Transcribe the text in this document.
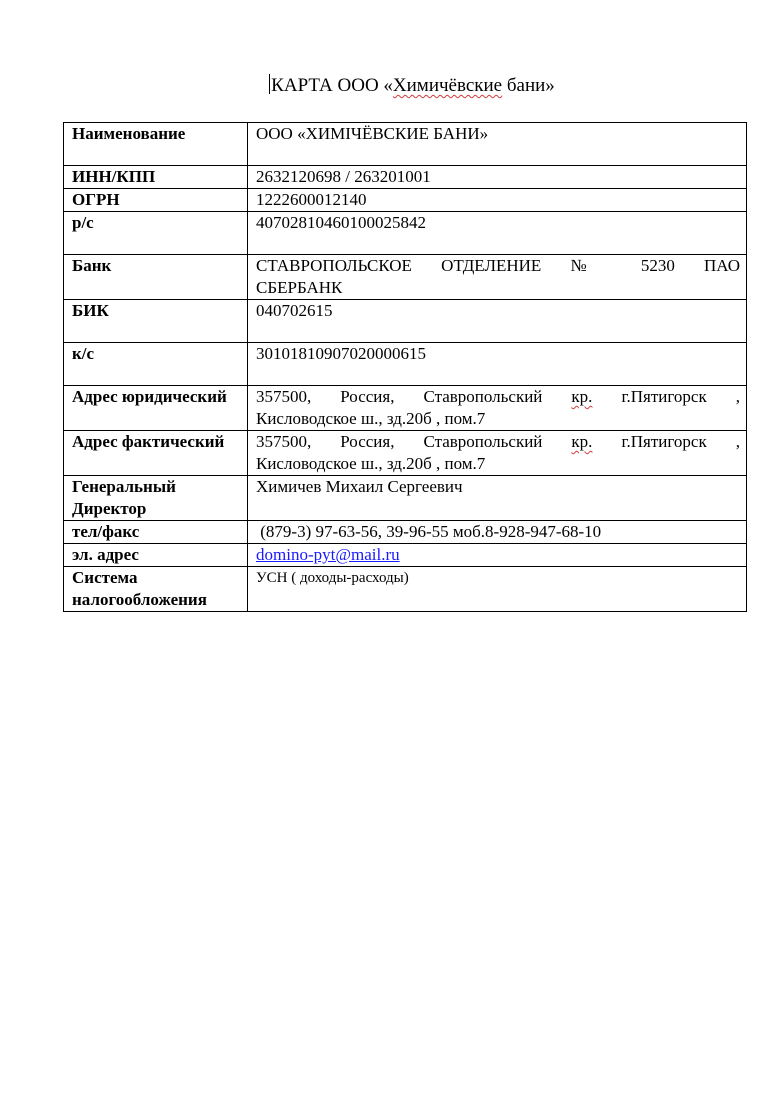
КАРТА ООО «Химичёвские бани»
Наименование	ООО «ХИМIЧЁВСКИЕ БАНИ»
ИНН/КПП	2632120698 / 263201001
ОГРН	1222600012140
р/с	40702810460100025842
Банк	СТАВРОПОЛЬСКОЕ ОТДЕЛЕНИЕ № 5230 ПАО
СБЕРБАНК

БИК	040702615
к/с	30101810907020000615
Адрес юридический	357500, Россия, Ставропольский кр. г.Пятигорск ,
Кисловодское ш., зд.20б , пом.7

Адрес фактический	357500, Россия, Ставропольский кр. г.Пятигорск ,
Кисловодское ш., зд.20б , пом.7

Генеральный
Директор	Химичев Михаил Сергеевич
тел/факс	(879-3) 97-63-56, 39-96-55 моб.8-928-947-68-10
эл. адрес	domino-pyt@mail.ru

Система
налогообложения	УСН ( доходы-расходы)
